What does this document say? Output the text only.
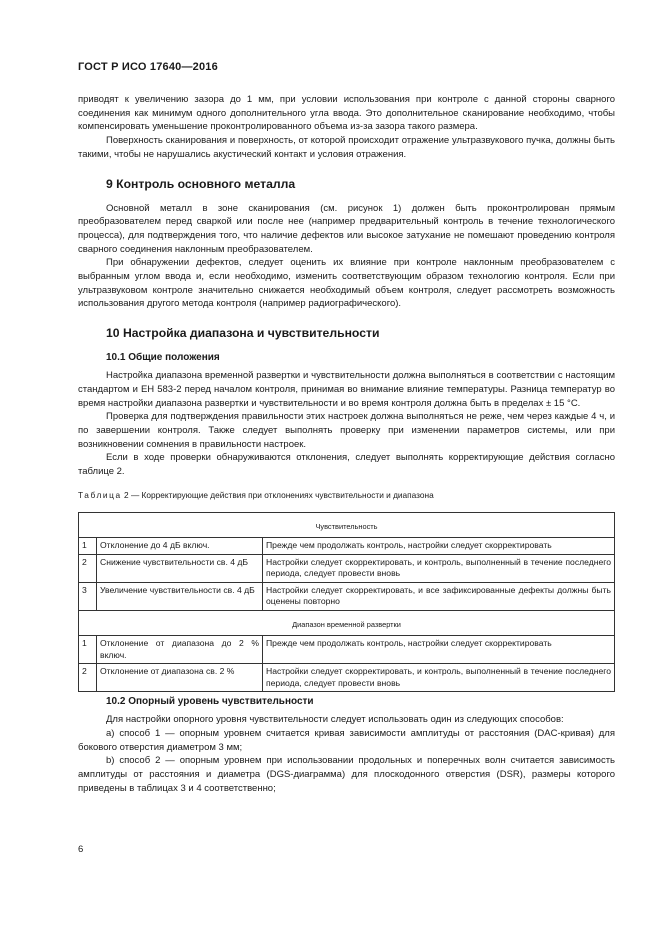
ГОСТ Р ИСО 17640—2016

приводят к увеличению зазора до 1 мм, при условии использования при контроле с данной стороны сварного соединения как минимум одного дополнительного угла ввода. Это дополнительное сканирование необходимо, чтобы компенсировать уменьшение проконтролированного объема из-за зазора такого размера.

Поверхность сканирования и поверхность, от которой происходит отражение ультразвукового пучка, должны быть такими, чтобы не нарушались акустический контакт и условия отражения.

9 Контроль основного металла

Основной металл в зоне сканирования (см. рисунок 1) должен быть проконтролирован прямым преобразователем перед сваркой или после нее (например предварительный контроль в течение технологического процесса), для подтверждения того, что наличие дефектов или высокое затухание не помешают проведению контроля сварного соединения наклонным преобразователем.

При обнаружении дефектов, следует оценить их влияние при контроле наклонным преобразователем с выбранным углом ввода и, если необходимо, изменить соответствующим образом технологию контроля. Если при ультразвуковом контроле значительно снижается необходимый объем контроля, следует рассмотреть возможность использования другого метода контроля (например радиографического).

10 Настройка диапазона и чувствительности
10.1 Общие положения

Настройка диапазона временной развертки и чувствительности должна выполняться в соответствии с настоящим стандартом и ЕН 583-2 перед началом контроля, принимая во внимание влияние температуры. Разница температур во время настройки диапазона развертки и чувствительности и во время контроля должна быть в пределах ± 15 °С.

Проверка для подтверждения правильности этих настроек должна выполняться не реже, чем через каждые 4 ч, и по завершении контроля. Также следует выполнять проверку при изменении параметров системы, или при возникновении сомнения в правильности настроек.

Если в ходе проверки обнаруживаются отклонения, следует выполнять корректирующие действия согласно таблице 2.

Таблица 2 — Корректирующие действия при отклонениях чувствительности и диапазона
Чувствительность		
1	Отклонение до 4 дБ включ.	Прежде чем продолжать контроль, настройки следует скорректировать
2	Снижение чувствительности св. 4 дБ	Настройки следует скорректировать, и контроль, выполненный в течение последнего периода, следует провести вновь
3	Увеличение чувствительности св. 4 дБ	Настройки следует скорректировать, и все зафиксированные дефекты должны быть оценены повторно
Диапазон временной развертки		
1	Отклонение от диапазона до 2 % включ.	Прежде чем продолжать контроль, настройки следует скорректировать
2	Отклонение от диапазона св. 2 %	Настройки следует скорректировать, и контроль, выполненный в течение последнего периода, следует провести вновь
10.2 Опорный уровень чувствительности

Для настройки опорного уровня чувствительности следует использовать один из следующих способов:

а) способ 1 — опорным уровнем считается кривая зависимости амплитуды от расстояния (DAC-кривая) для бокового отверстия диаметром 3 мм;

b) способ 2 — опорным уровнем при использовании продольных и поперечных волн считается зависимость амплитуды от расстояния и диаметра (DGS-диаграмма) для плоскодонного отверстия (DSR), размеры которого приведены в таблицах 3 и 4 соответственно;

6
